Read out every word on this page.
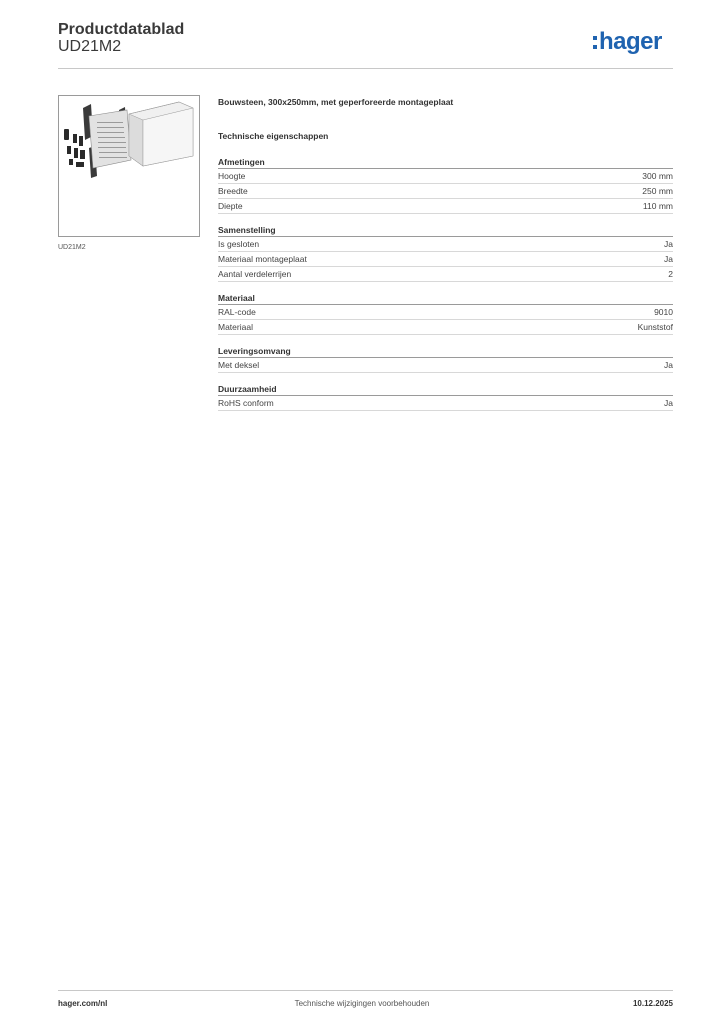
Productdatablad
UD21M2	hager
UD21M2
Bouwsteen, 300x250mm, met geperforeerde montageplaat
Technische eigenschappen
Afmetingen
Hoogte	300 mm
Breedte	250 mm
Diepte	110 mm
Samenstelling
Is gesloten	Ja
Materiaal montageplaat	Ja
Aantal verdelerrijen	2
Materiaal
RAL-code	9010
Materiaal	Kunststof
Leveringsomvang
Met deksel	Ja
Duurzaamheid
RoHS conform	Ja
hager.com/nl	Technische wijzigingen voorbehouden	10.12.2025
